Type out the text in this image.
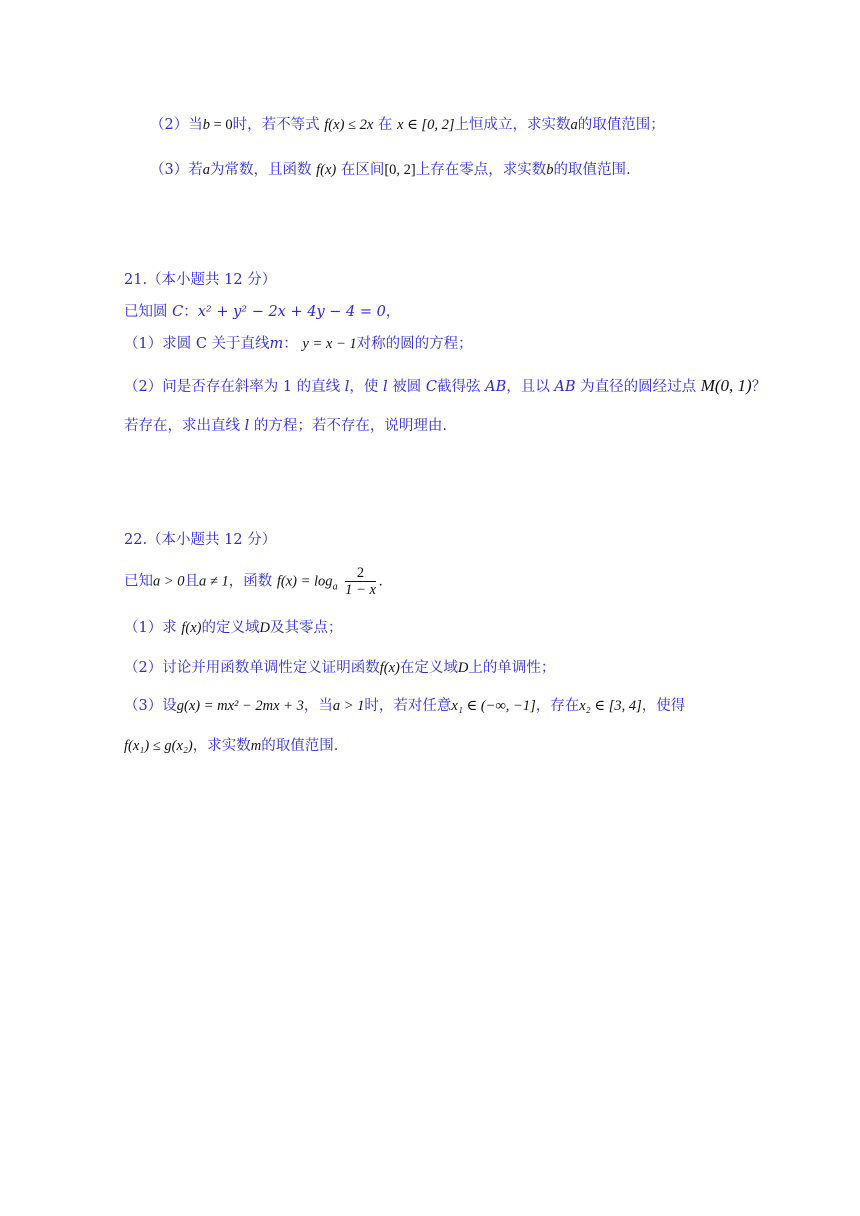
（2）当b = 0时，若不等式 f(x) ≤ 2x 在 x ∈ [0, 2]上恒成立，求实数a的取值范围；
（3）若a为常数，且函数 f(x) 在区间[0, 2]上存在零点，求实数b的取值范围.
21.（本小题共 12 分）
已知圆 C：x² + y² − 2x + 4y − 4 = 0，
（1）求圆 C 关于直线m： y = x − 1对称的圆的方程；
（2）问是否存在斜率为 1 的直线 l，使 l 被圆 C截得弦 AB，且以 AB 为直径的圆经过点 M(0, 1)？
若存在，求出直线 l 的方程；若不存在，说明理由.
22.（本小题共 12 分）
已知a > 0且a ≠ 1，函数 $f(x) = \log_a \frac{2}{1 - x}$ .
（1）求 f(x)的定义域D及其零点；
（2）讨论并用函数单调性定义证明函数f(x)在定义域D上的单调性；
（3）设g(x) = mx² − 2mx + 3，当a > 1时，若对任意x₁ ∈ (−∞, −1]，存在x₂ ∈ [3, 4]，使得
f(x₁) ≤ g(x₂)，求实数m的取值范围.
